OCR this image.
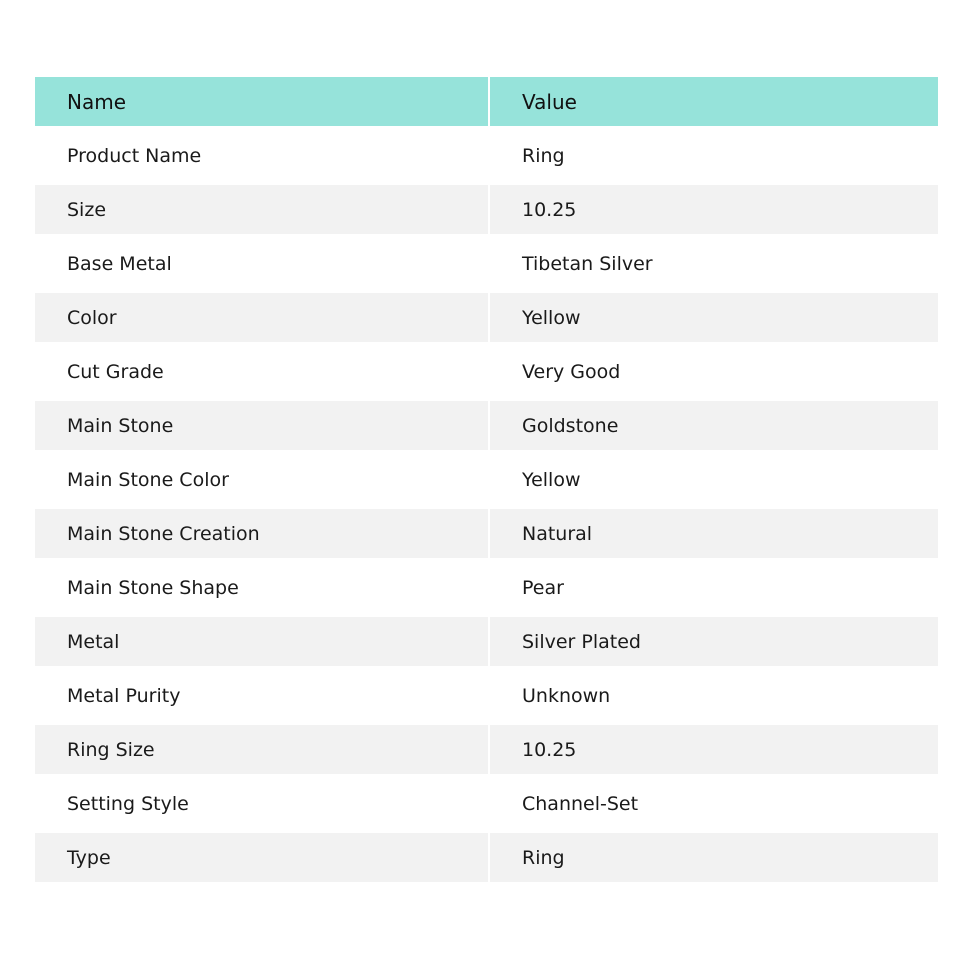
Name	Value
Product Name	Ring
Size	10.25
Base Metal	Tibetan Silver
Color	Yellow
Cut Grade	Very Good
Main Stone	Goldstone
Main Stone Color	Yellow
Main Stone Creation	Natural
Main Stone Shape	Pear
Metal	Silver Plated
Metal Purity	Unknown
Ring Size	10.25
Setting Style	Channel-Set
Type	Ring
